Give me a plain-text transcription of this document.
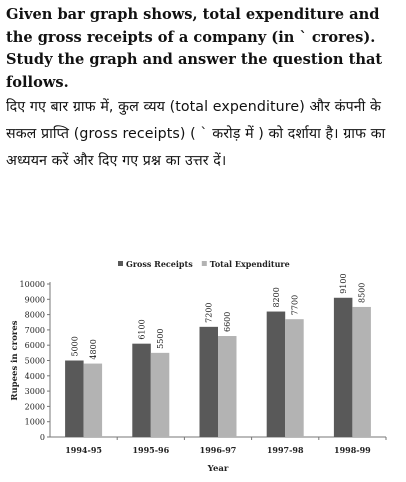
Given bar graph shows, total expenditure and the gross receipts of a company (in ` crores). Study the graph and answer the question that follows.

दिए गए बार ग्राफ में, कुल व्यय (total expenditure) और कंपनी के सकल प्राप्ति (gross receipts) ( ` करोड़ में ) को दर्शाया है। ग्राफ का अध्ययन करें और दिए गए प्रश्न का उत्तर दें।

0
1000
2000
3000
4000
5000
6000
7000
8000
9000
10000
Rupees in crores	5000 4800
1994-95
6100 5500
1995-96
7200 6600
1996-97
8200 7700
1997-98
9100 8500
1998-99
Year
Gross Receipts Total Expenditure
